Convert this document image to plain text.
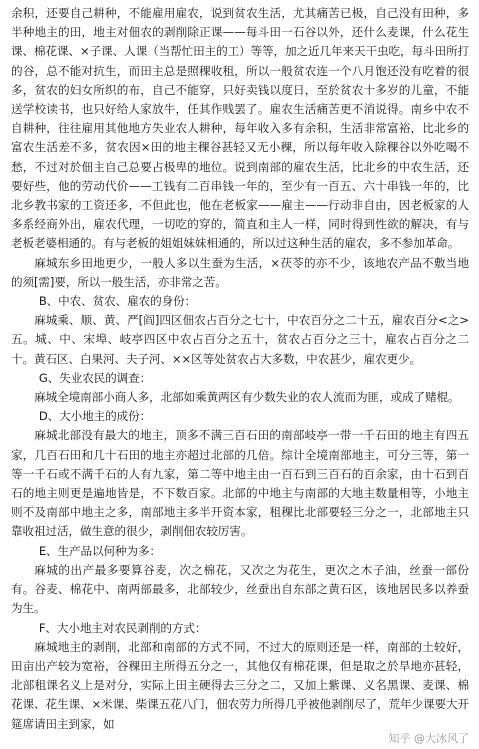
余积，还要自己耕种，不能雇用雇农，说到贫农生活，尤其痛苦已极，自己没有田种，多半种地主的田，地主对佃农的剥削除正课——每斗田一石谷以外，还什么麦课，什么花生课、棉花课、×子课、人课（当帮忙田主的工）等等，加之近几年来天干虫吃，每斗田所打的谷，总不能对抗生，而田主总是照稞收租，所以一般贫农连一个八月饱还没有吃着的很多，贫农的妇女所织的布，自己不能穿，只好卖钱以度日，至於贫农十多岁的儿童，不能送学校读书，也只好给人家放牛，任其作贱罢了。雇农生活痛苦更不消说得。南乡中农不自耕种，往往雇用其他地方失业农人耕种，每年收入多有余积，生活非常富裕，比北乡的富农生活差不多，贫农因×田的地主稞谷甚轻又无小稞，所以每年收入除稞谷以外吃喝不愁，不过对於佃主自己总要占极卑的地位。说到南部的雇农生活，比北乡的中农生活，还要好些，他的劳动代价——工钱有二百串钱一年的，至少有一百五、六十串钱一年的，比北乡教书家的工资还多，不但此也，他在老板家——雇主——行动非自由，因老板家的人多系经商外出，雇农代理，一切吃的穿的，简直和主人一样，同时得到性欲的解决，有与老板老婆相通的。有与老板的姐姐妹妹相通的，所以过这种生活的雇农，多不参加革命。

麻城东乡田地更少，一般人多以生蚕为生活，×茯苓的亦不少，该地农产品不敷当地的须[需]要，所以一般生活，亦非常之苦。

B、中农、贫农、雇农的身份：

麻城乘、顺、黄、严[阎]四区佃农占百分之七十，中农百分之二十五，雇农百分<之>五。城、中、宋埠、岐亭四区中农占百分之五十，贫农占百分之三十，雇农占百分之二十。黄石区、白果河、夫子河、××区等处贫农占大多数，中农甚少，雇农更少。

G、失业农民的调查：

麻城全境南部小商人多，北部如乘黄两区有少数失业的农人流而为匪，或成了赌棍。

D、大小地主的成份：

麻城北部没有最大的地主，顶多不满三百石田的南部岐亭一带一千石田的地主有四五家，几百石田和几十石田的地主亦超过北部的几倍。综计全境南部地主，可分三等，第一等一千石或不满千石的人有九家，第二等中地主由一百石到三百石的百余家，由十石到百石的地主则更是遍地皆是，不下数百家。北部的中地主与南部的大地主数量相等，小地主则不及南部中地主之多，南部地主多半开资本家，租稞比北部要轻三分之一，北部地主只靠收祖过活，做生意的很少，剥削佃农较厉害。

E、生产品以何种为多：

麻城的出产最多要算谷麦，次之棉花，又次之为花生，更次之木子油，丝蚕一部份有。谷麦、棉花中、南两部最多，北部较少，丝蚕出自东部之黄石区，该地居民多以养蚕为生。

F、大小地主对农民剥削的方式：

麻城地主的剥削，北部和南部的方式不同，不过大的原则还是一样，南部的土较好，田亩出产较为宽裕，谷稞田主所得五分之一，其他仅有棉花课，但是取之於旱地亦甚轻，北部租课名义上是对分，实际上田主硬得去三分之二，又加上紫课、义名黑课、麦课、棉花课、花生课、×米课、柴课五花八门，佃农劳力所得几乎被他剥削尽了，荒年少课要大开筵席请田主到家，如

知乎 @大冰风了
